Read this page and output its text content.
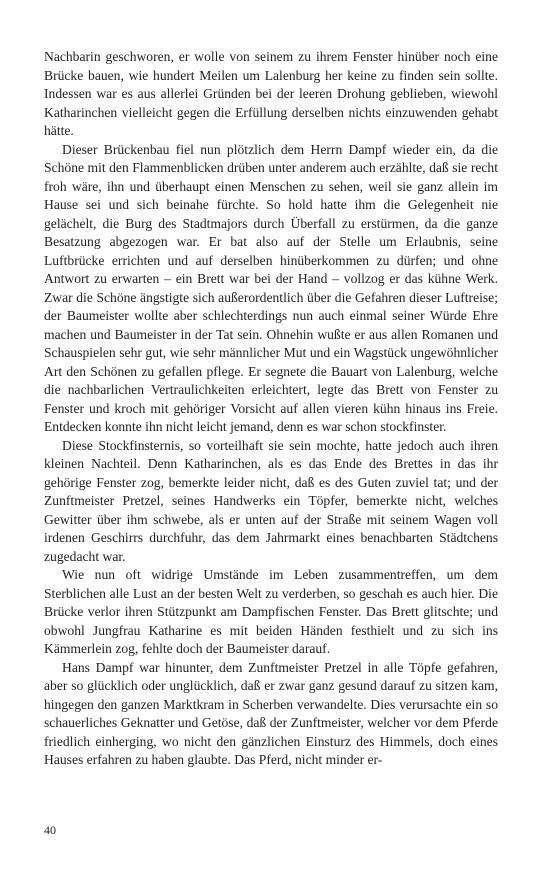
Nachbarin geschworen, er wolle von seinem zu ihrem Fenster hinüber noch eine Brücke bauen, wie hundert Meilen um Lalenburg her keine zu finden sein sollte. Indessen war es aus allerlei Gründen bei der leeren Drohung geblieben, wiewohl Katharinchen vielleicht gegen die Erfüllung derselben nichts einzuwenden gehabt hätte.

Dieser Brückenbau fiel nun plötzlich dem Herrn Dampf wieder ein, da die Schöne mit den Flammenblicken drüben unter anderem auch erzählte, daß sie recht froh wäre, ihn und überhaupt einen Menschen zu sehen, weil sie ganz allein im Hause sei und sich beinahe fürchte. So hold hatte ihm die Gelegenheit nie gelächelt, die Burg des Stadtmajors durch Überfall zu erstürmen, da die ganze Besatzung abgezogen war. Er bat also auf der Stelle um Erlaubnis, seine Luftbrücke errichten und auf derselben hinüberkommen zu dürfen; und ohne Antwort zu erwarten – ein Brett war bei der Hand – vollzog er das kühne Werk. Zwar die Schöne ängstigte sich außerordentlich über die Gefahren dieser Luftreise; der Baumeister wollte aber schlechterdings nun auch einmal seiner Würde Ehre machen und Baumeister in der Tat sein. Ohnehin wußte er aus allen Romanen und Schauspielen sehr gut, wie sehr männlicher Mut und ein Wagstück ungewöhnlicher Art den Schönen zu gefallen pflege. Er segnete die Bauart von Lalenburg, welche die nachbarlichen Vertraulichkeiten erleichtert, legte das Brett von Fenster zu Fenster und kroch mit gehöriger Vorsicht auf allen vieren kühn hinaus ins Freie. Entdecken konnte ihn nicht leicht jemand, denn es war schon stockfinster.

Diese Stockfinsternis, so vorteilhaft sie sein mochte, hatte jedoch auch ihren kleinen Nachteil. Denn Katharinchen, als es das Ende des Brettes in das ihr gehörige Fenster zog, bemerkte leider nicht, daß es des Guten zuviel tat; und der Zunftmeister Pretzel, seines Handwerks ein Töpfer, bemerkte nicht, welches Gewitter über ihm schwebe, als er unten auf der Straße mit seinem Wagen voll irdenen Geschirrs durchfuhr, das dem Jahrmarkt eines benachbarten Städtchens zugedacht war.

Wie nun oft widrige Umstände im Leben zusammentreffen, um dem Sterblichen alle Lust an der besten Welt zu verderben, so geschah es auch hier. Die Brücke verlor ihren Stützpunkt am Dampfischen Fenster. Das Brett glitschte; und obwohl Jungfrau Katharine es mit beiden Händen festhielt und zu sich ins Kämmerlein zog, fehlte doch der Baumeister darauf.

Hans Dampf war hinunter, dem Zunftmeister Pretzel in alle Töpfe gefahren, aber so glücklich oder unglücklich, daß er zwar ganz gesund darauf zu sitzen kam, hingegen den ganzen Marktkram in Scherben verwandelte. Dies verursachte ein so schauerliches Geknatter und Getöse, daß der Zunftmeister, welcher vor dem Pferde friedlich einherging, wo nicht den gänzlichen Einsturz des Himmels, doch eines Hauses erfahren zu haben glaubte. Das Pferd, nicht minder er-

40
